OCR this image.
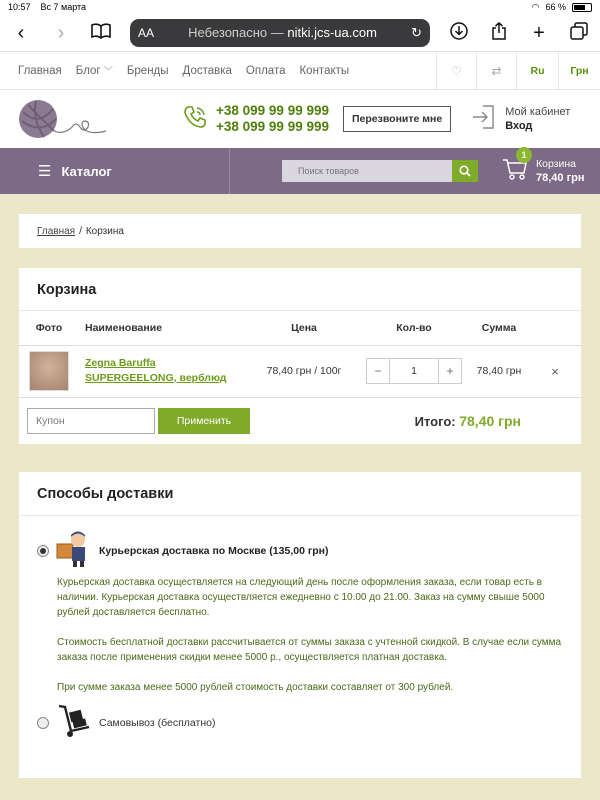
10:57 Вс 7 марта	◠ 66 %
‹	›	AA	Небезопасно — nitki.jcs-ua.com	↻	+
Главная Блог ﹀ Бренды Доставка Оплата Контакты	♡	⇄	Ru	Грн
+38 099 99 99 999
+38 099 99 99 999	Перезвоните мне
Мой кабинет
Вход
☰ Каталог
Поиск товаров
1
Корзина
78,40 грн
Главная / Корзина
Корзина
Фото	Наименование	Цена	Кол-во	Сумма	

	Zegna Baruffa SUPERGEELONG, верблюд	78,40 грн / 100г	− 1 +	78,40 грн	×
Купон	Применить	Итого: 78,40 грн
Способы доставки
Курьерская доставка по Москве (135,00 грн)

Курьерская доставка осуществляется на следующий день после оформления заказа, если товар есть в наличии. Курьерская доставка осуществляется ежедневно с 10.00 до 21.00. Заказ на сумму свыше 5000 рублей доставляется бесплатно.

Стоимость бесплатной доставки рассчитывается от суммы заказа с учтенной скидкой. В случае если сумма заказа после применения скидки менее 5000 р., осуществляется платная доставка.

При сумме заказа менее 5000 рублей стоимость доставки составляет от 300 рублей.

Самовывоз (бесплатно)
